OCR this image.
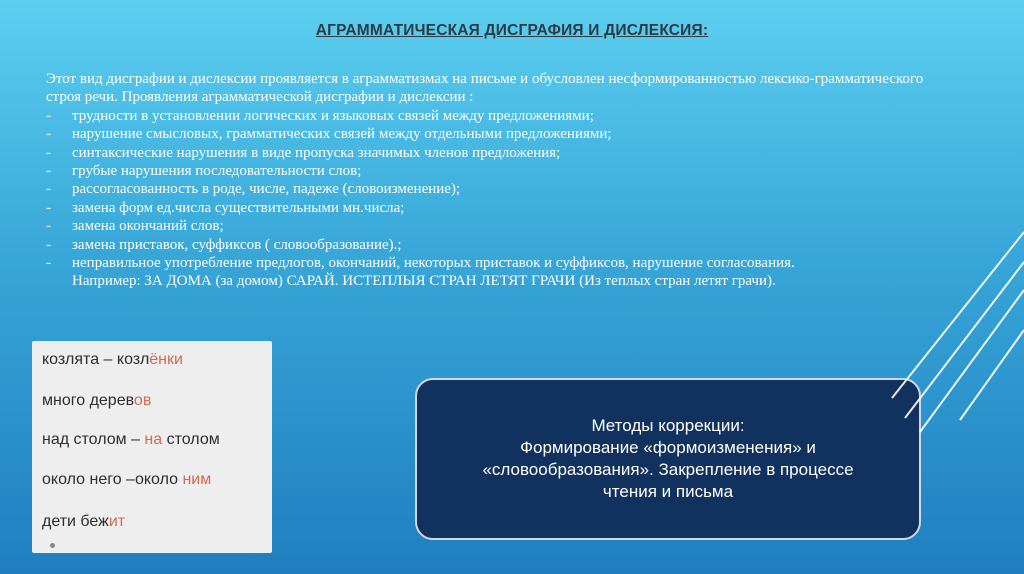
АГРАММАТИЧЕСКАЯ ДИСГРАФИЯ И ДИСЛЕКСИЯ:

Этот вид дисграфии и дислексии проявляется в аграмматизмах на письме и обусловлен несформированностью лексико-грамматического строя речи. Проявления аграмматической дисграфии и дислексии :

- трудности в установлении логических и языковых связей между предложениями;
- нарушение смысловых, грамматических связей между отдельными предложениями;
- синтаксические нарушения в виде пропуска значимых членов предложения;
- грубые нарушения последовательности слов;
- рассогласованность в роде, числе, падеже (словоизменение);
- замена форм ед.числа существительными мн.числа;
- замена окончаний слов;
- замена приставок, суффиксов ( словообразование).;
- неправильное употребление предлогов, окончаний, некоторых приставок и суффиксов, нарушение согласования.
Например: ЗА ДОМА (за домом) САРАЙ. ИСТЕПЛЫЯ СТРАН ЛЕТЯТ ГРАЧИ (Из теплых стран летят грачи).
козлята – козлёнки
много деревов
над столом – на столом
около него –около ним
дети бежит
Методы коррекции:
Формирование «формоизменения» и «словообразования». Закрепление в процессе чтения и письма
